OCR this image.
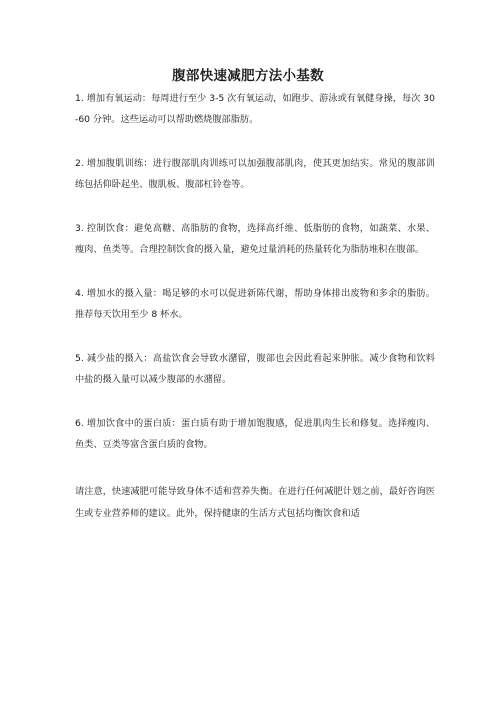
腹部快速减肥方法小基数

1. 增加有氧运动：每周进行至少 3-5 次有氧运动，如跑步、游泳或有氧健身操，每次 30-60 分钟。这些运动可以帮助燃烧腹部脂肪。

2. 增加腹肌训练：进行腹部肌肉训练可以加强腹部肌肉，使其更加结实。常见的腹部训练包括仰卧起坐、腹肌板、腹部杠铃卷等。

3. 控制饮食：避免高糖、高脂肪的食物，选择高纤维、低脂肪的食物，如蔬菜、水果、瘦肉、鱼类等。合理控制饮食的摄入量，避免过量消耗的热量转化为脂肪堆积在腹部。

4. 增加水的摄入量：喝足够的水可以促进新陈代谢，帮助身体排出废物和多余的脂肪。推荐每天饮用至少 8 杯水。

5. 减少盐的摄入：高盐饮食会导致水潴留，腹部也会因此看起来肿胀。减少食物和饮料中盐的摄入量可以减少腹部的水潴留。

6. 增加饮食中的蛋白质：蛋白质有助于增加饱腹感，促进肌肉生长和修复。选择瘦肉、鱼类、豆类等富含蛋白质的食物。

请注意，快速减肥可能导致身体不适和营养失衡。在进行任何减肥计划之前，最好咨询医生或专业营养师的建议。此外，保持健康的生活方式包括均衡饮食和适
